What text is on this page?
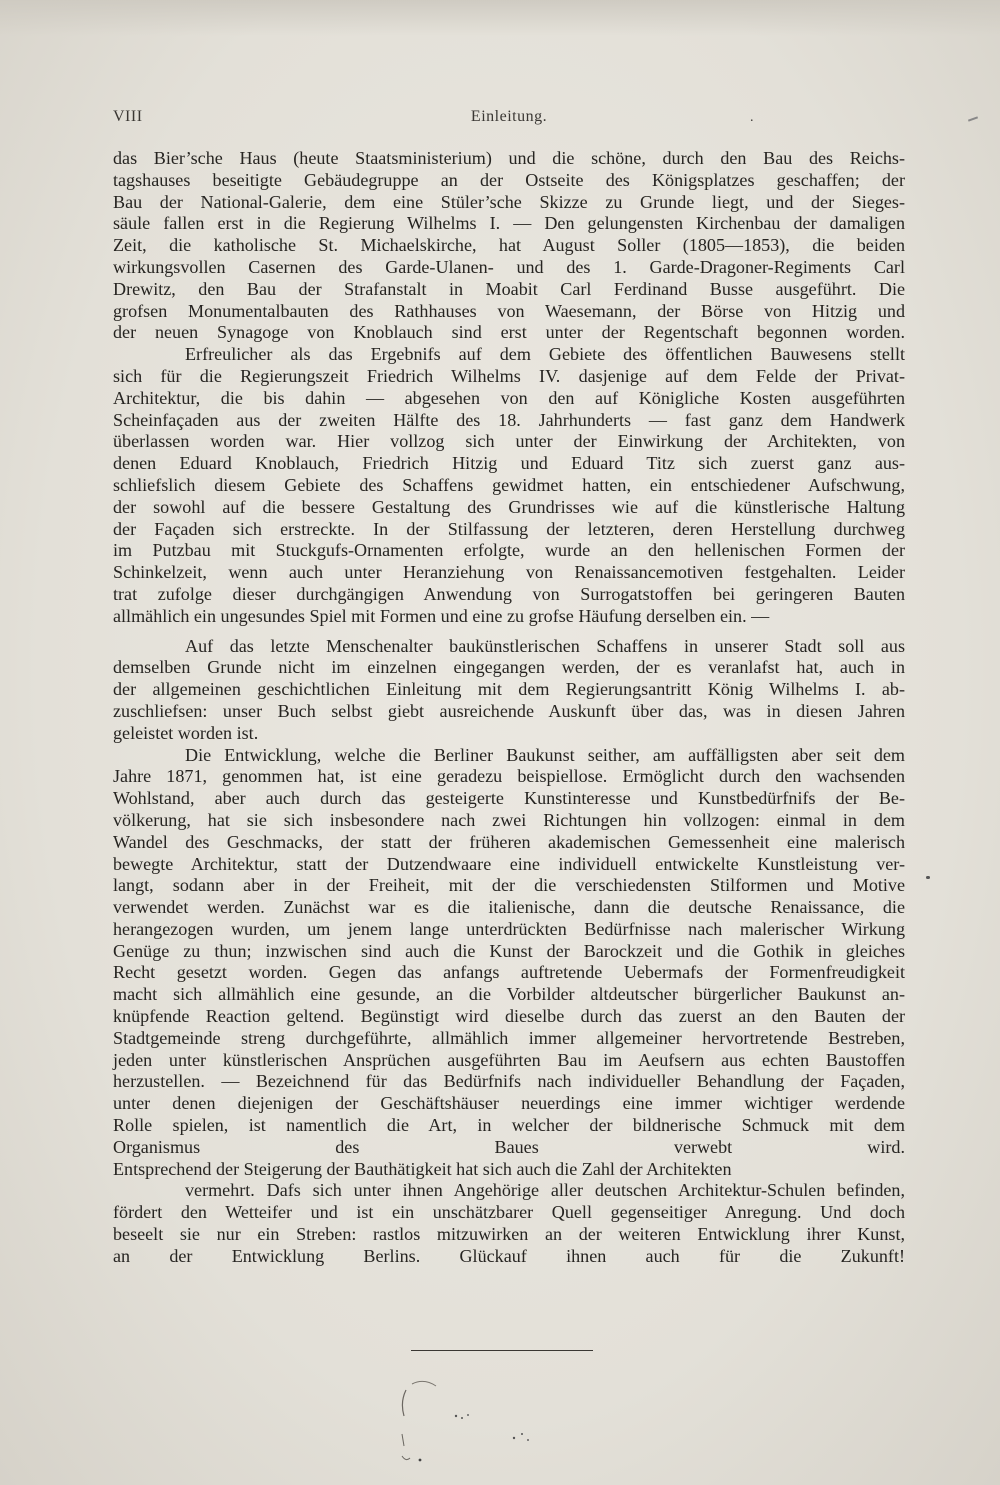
VIII	Einleitung.	.
das Bier’sche Haus (heute Staatsministerium) und die schöne, durch den Bau des Reichs-
tagshauses beseitigte Gebäudegruppe an der Ostseite des Königsplatzes geschaffen; der
Bau der National-Galerie, dem eine Stüler’sche Skizze zu Grunde liegt, und der Sieges-
säule fallen erst in die Regierung Wilhelms I. — Den gelungensten Kirchenbau der damaligen
Zeit, die katholische St. Michaelskirche, hat August Soller (1805—1853), die beiden
wirkungsvollen Casernen des Garde-Ulanen- und des 1. Garde-Dragoner-Regiments Carl
Drewitz, den Bau der Strafanstalt in Moabit Carl Ferdinand Busse ausgeführt. Die
grofsen Monumentalbauten des Rathhauses von Waesemann, der Börse von Hitzig und
der neuen Synagoge von Knoblauch sind erst unter der Regentschaft begonnen worden.
Erfreulicher als das Ergebnifs auf dem Gebiete des öffentlichen Bauwesens stellt
sich für die Regierungszeit Friedrich Wilhelms IV. dasjenige auf dem Felde der Privat-
Architektur, die bis dahin — abgesehen von den auf Königliche Kosten ausgeführten
Scheinfaçaden aus der zweiten Hälfte des 18. Jahrhunderts — fast ganz dem Handwerk
überlassen worden war. Hier vollzog sich unter der Einwirkung der Architekten, von
denen Eduard Knoblauch, Friedrich Hitzig und Eduard Titz sich zuerst ganz aus-
schliefslich diesem Gebiete des Schaffens gewidmet hatten, ein entschiedener Aufschwung,
der sowohl auf die bessere Gestaltung des Grundrisses wie auf die künstlerische Haltung
der Façaden sich erstreckte. In der Stilfassung der letzteren, deren Herstellung durchweg
im Putzbau mit Stuckgufs-Ornamenten erfolgte, wurde an den hellenischen Formen der
Schinkelzeit, wenn auch unter Heranziehung von Renaissancemotiven festgehalten. Leider
trat zufolge dieser durchgängigen Anwendung von Surrogatstoffen bei geringeren Bauten
allmählich ein ungesundes Spiel mit Formen und eine zu grofse Häufung derselben ein. —
Auf das letzte Menschenalter baukünstlerischen Schaffens in unserer Stadt soll aus
demselben Grunde nicht im einzelnen eingegangen werden, der es veranlafst hat, auch in
der allgemeinen geschichtlichen Einleitung mit dem Regierungsantritt König Wilhelms I. ab-
zuschliefsen: unser Buch selbst giebt ausreichende Auskunft über das, was in diesen Jahren
geleistet worden ist.
Die Entwicklung, welche die Berliner Baukunst seither, am auffälligsten aber seit dem
Jahre 1871, genommen hat, ist eine geradezu beispiellose. Ermöglicht durch den wachsenden
Wohlstand, aber auch durch das gesteigerte Kunstinteresse und Kunstbedürfnifs der Be-
völkerung, hat sie sich insbesondere nach zwei Richtungen hin vollzogen: einmal in dem
Wandel des Geschmacks, der statt der früheren akademischen Gemessenheit eine malerisch
bewegte Architektur, statt der Dutzendwaare eine individuell entwickelte Kunstleistung ver-
langt, sodann aber in der Freiheit, mit der die verschiedensten Stilformen und Motive
verwendet werden. Zunächst war es die italienische, dann die deutsche Renaissance, die
herangezogen wurden, um jenem lange unterdrückten Bedürfnisse nach malerischer Wirkung
Genüge zu thun; inzwischen sind auch die Kunst der Barockzeit und die Gothik in gleiches
Recht gesetzt worden. Gegen das anfangs auftretende Uebermafs der Formenfreudigkeit
macht sich allmählich eine gesunde, an die Vorbilder altdeutscher bürgerlicher Baukunst an-
knüpfende Reaction geltend. Begünstigt wird dieselbe durch das zuerst an den Bauten der
Stadtgemeinde streng durchgeführte, allmählich immer allgemeiner hervortretende Bestreben,
jeden unter künstlerischen Ansprüchen ausgeführten Bau im Aeufsern aus echten Baustoffen
herzustellen. — Bezeichnend für das Bedürfnifs nach individueller Behandlung der Façaden,
unter denen diejenigen der Geschäftshäuser neuerdings eine immer wichtiger werdende
Rolle spielen, ist namentlich die Art, in welcher der bildnerische Schmuck mit dem
Organismus des Baues verwebt wird.
Entsprechend der Steigerung der Bauthätigkeit hat sich auch die Zahl der Architekten
vermehrt. Dafs sich unter ihnen Angehörige aller deutschen Architektur-Schulen befinden,
fördert den Wetteifer und ist ein unschätzbarer Quell gegenseitiger Anregung. Und doch
beseelt sie nur ein Streben: rastlos mitzuwirken an der weiteren Entwicklung ihrer Kunst,
an der Entwicklung Berlins. Glückauf ihnen auch für die Zukunft!
